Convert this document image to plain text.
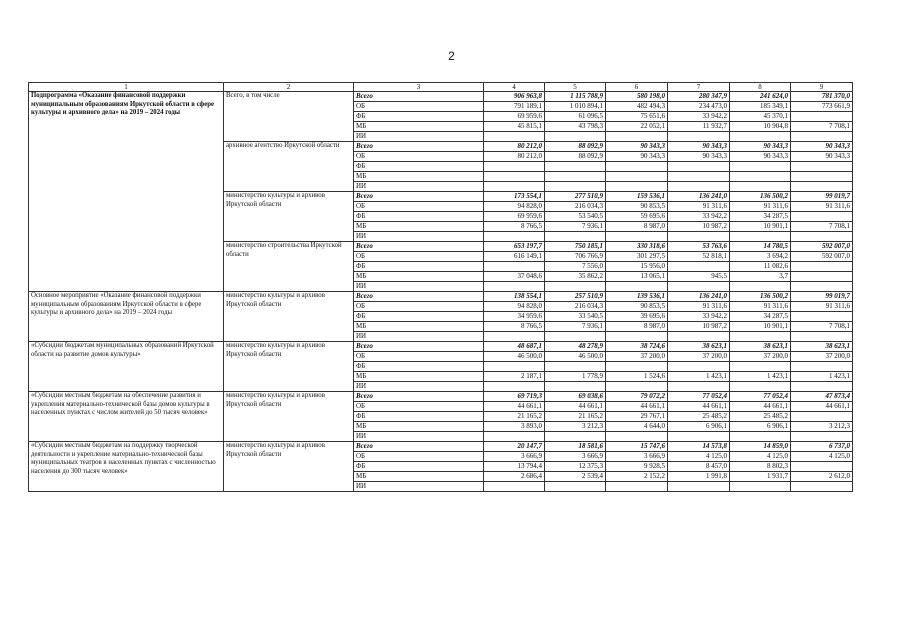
2
1	2	3	4	5	6	7	8	9
Подпрограмма «Оказание финансовой поддержки муниципальным образованиям Иркутской области в сфере культуры и архивного дела» на 2019 – 2024 годы	Всего, в том числе	Всего	906 963,8	1 115 788,9	580 198,0	280 347,9	241 624,0	781 370,0
		ОБ	791 189,1	1 010 894,1	482 494,3	234 473,0	185 349,1	773 661,9
		ФБ	69 959,6	61 096,5	75 651,6	33 942,2	45 370,1	
		МБ	45 815,1	43 798,3	22 052,1	11 932,7	10 904,8	7 708,1
		ИИ						
	архивное агентство Иркутской области	Всего	80 212,0	88 092,9	90 343,3	90 343,3	90 343,3	90 343,3
		ОБ	80 212,0	88 092,9	90 343,3	90 343,3	90 343,3	90 343,3
		ФБ						
		МБ						
		ИИ						
	министерство культуры и архивов Иркутской области	Всего	173 554,1	277 510,9	159 536,1	136 241,0	136 500,2	99 019,7
		ОБ	94 828,0	216 034,3	90 853,5	91 311,6	91 311,6	91 311,6
		ФБ	69 959,6	53 540,5	59 695,6	33 942,2	34 287,5	
		МБ	8 766,5	7 936,1	8 987,0	10 987,2	10 901,1	7 708,1
		ИИ						
	министерство строительства Иркутской области	Всего	653 197,7	750 185,1	330 318,6	53 763,6	14 780,5	592 007,0
		ОБ	616 149,1	706 766,9	301 297,5	52 818,1	3 694,2	592 007,0
		ФБ		7 556,0	15 956,0		11 082,6	
		МБ	37 048,6	35 862,2	13 065,1	945,5	3,7	
		ИИ						
Основное мероприятие «Оказание финансовой поддержки муниципальным образованиям Иркутской области в сфере культуры и архивного дела» на 2019 – 2024 годы	министерство культуры и архивов Иркутской области	Всего	138 554,1	257 510,9	139 536,1	136 241,0	136 500,2	99 019,7
		ОБ	94 828,0	216 034,3	90 853,5	91 311,6	91 311,6	91 311,6
		ФБ	34 959,6	33 540,5	39 695,6	33 942,2	34 287,5	
		МБ	8 766,5	7 936,1	8 987,0	10 987,2	10 901,1	7 708,1
		ИИ						
«Субсидии бюджетам муниципальных образований Иркутской области на развитие домов культуры»	министерство культуры и архивов Иркутской области	Всего	48 687,1	48 278,9	38 724,6	38 623,1	38 623,1	38 623,1
		ОБ	46 500,0	46 500,0	37 200,0	37 200,0	37 200,0	37 200,0
		ФБ						
		МБ	2 187,1	1 778,9	1 524,6	1 423,1	1 423,1	1 423,1
		ИИ						
«Субсидии местным бюджетам на обеспечение развития и укрепления материально-технической базы домов культуры в населенных пунктах с числом жителей до 50 тысяч человек»	министерство культуры и архивов Иркутской области	Всего	69 719,3	69 038,6	79 072,2	77 052,4	77 052,4	47 873,4
		ОБ	44 661,1	44 661,1	44 661,1	44 661,1	44 661,1	44 661,1
		ФБ	21 165,2	21 165,2	29 767,1	25 485,2	25 485,2	
		МБ	3 893,0	3 212,3	4 644,0	6 906,1	6 906,1	3 212,3
		ИИ						
«Субсидии местным бюджетам на поддержку творческой деятельности и укрепление материально-технической базы муниципальных театров в населенных пунктах с численностью населения до 300 тысяч человек»	министерство культуры и архивов Иркутской области	Всего	20 147,7	18 581,6	15 747,6	14 573,8	14 859,0	6 737,0
		ОБ	3 666,9	3 666,9	3 666,9	4 125,0	4 125,0	4 125,0
		ФБ	13 794,4	12 375,3	9 928,5	8 457,0	8 802,3	
		МБ	2 686,4	2 539,4	2 152,2	1 991,8	1 931,7	2 612,0
		ИИ						
